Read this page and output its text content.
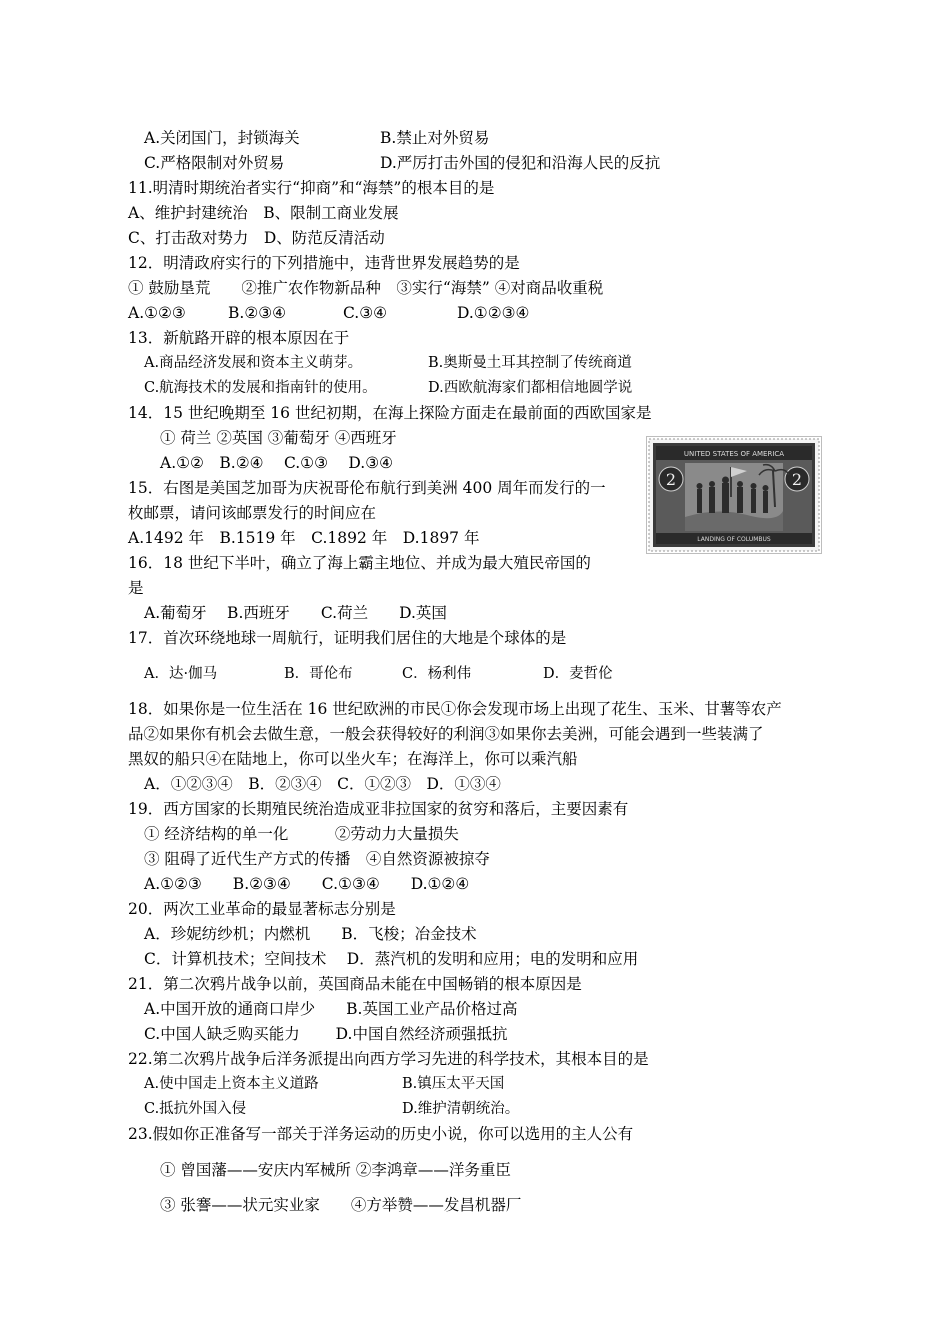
A.关闭国门，封锁海关	B.禁止对外贸易
C.严格限制对外贸易	D.严厉打击外国的侵犯和沿海人民的反抗
11.明清时期统治者实行“抑商”和“海禁”的根本目的是
A、维护封建统治　B、限制工商业发展
C、打击敌对势力　D、防范反清活动
12．明清政府实行的下列措施中，违背世界发展趋势的是
① 鼓励垦荒　　②推广农作物新品种　③实行“海禁” ④对商品收重税
A.①②③	B.②③④	C.③④	D.①②③④
13．新航路开辟的根本原因在于
A.商品经济发展和资本主义萌芽。	B.奥斯曼土耳其控制了传统商道
C.航海技术的发展和指南针的使用。	D.西欧航海家们都相信地圆学说
14．15 世纪晚期至 16 世纪初期，在海上探险方面走在最前面的西欧国家是
① 荷兰 ②英国 ③葡萄牙 ④西班牙
A.①②　B.②④　 C.①③　 D.③④
15．右图是美国芝加哥为庆祝哥伦布航行到美洲 400 周年而发行的一
枚邮票，请问该邮票发行的时间应在
A.1492 年　B.1519 年　C.1892 年　D.1897 年
16．18 世纪下半叶，确立了海上霸主地位、并成为最大殖民帝国的
是
A.葡萄牙　 B.西班牙　　C.荷兰　　D.英国
17．首次环绕地球一周航行，证明我们居住的大地是个球体的是
A．达·伽马	B．哥伦布	C．杨利伟	D．麦哲伦
18．如果你是一位生活在 16 世纪欧洲的市民①你会发现市场上出现了花生、玉米、甘薯等农产
品②如果你有机会去做生意，一般会获得较好的利润③如果你去美洲，可能会遇到一些装满了
黑奴的船只④在陆地上，你可以坐火车；在海洋上，你可以乘汽船
A．①②③④　B．②③④　C．①②③　D．①③④
19．西方国家的长期殖民统治造成亚非拉国家的贫穷和落后，主要因素有
① 经济结构的单一化　　　②劳动力大量损失
③ 阻碍了近代生产方式的传播　④自然资源被掠夺
A.①②③　　B.②③④　　C.①③④　　D.①②④
20．两次工业革命的最显著标志分别是
A．珍妮纺纱机；内燃机　　B．飞梭；冶金技术
C．计算机技术；空间技术　 D．蒸汽机的发明和应用；电的发明和应用
21．第二次鸦片战争以前，英国商品未能在中国畅销的根本原因是
A.中国开放的通商口岸少　　B.英国工业产品价格过高
C.中国人缺乏购买能力　　 D.中国自然经济顽强抵抗
22.第二次鸦片战争后洋务派提出向西方学习先进的科学技术，其根本目的是
A.使中国走上资本主义道路	B.镇压太平天国
C.抵抗外国入侵	D.维护清朝统治。
23.假如你正准备写一部关于洋务运动的历史小说，你可以选用的主人公有
① 曾国藩——安庆内军械所 ②李鸿章——洋务重臣
③ 张謇——状元实业家　　④方举赞——发昌机器厂
UNITED STATES OF AMERICA
2	2
LANDING OF COLUMBUS
